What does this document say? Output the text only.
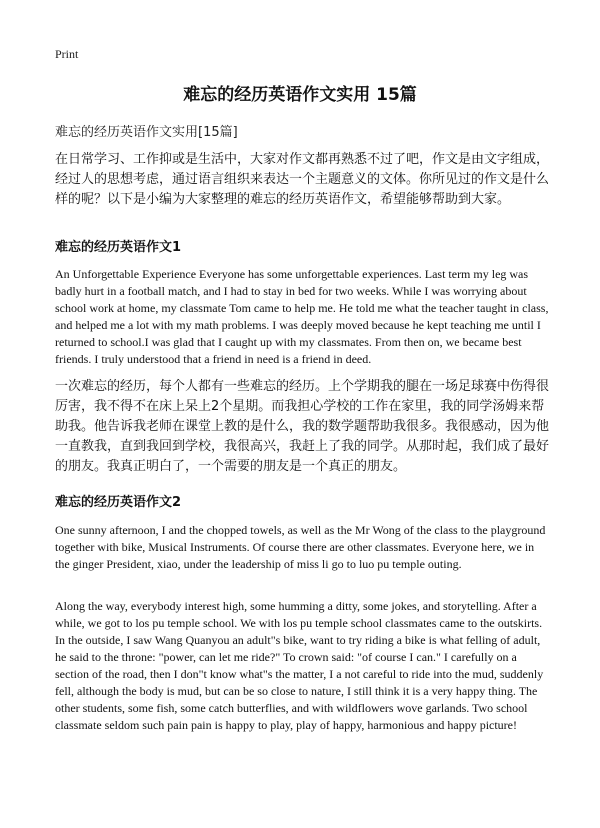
Print
难忘的经历英语作文实用 15篇
难忘的经历英语作文实用[15篇]

在日常学习、工作抑或是生活中，大家对作文都再熟悉不过了吧，作文是由文字组成，经过人的思想考虑，通过语言组织来表达一个主题意义的文体。你所见过的作文是什么样的呢？以下是小编为大家整理的难忘的经历英语作文，希望能够帮助到大家。

难忘的经历英语作文1

An Unforgettable Experience Everyone has some unforgettable experiences. Last term my leg was badly hurt in a football match, and I had to stay in bed for two weeks. While I was worrying about school work at home, my classmate Tom came to help me. He told me what the teacher taught in class, and helped me a lot with my math problems. I was deeply moved because he kept teaching me until I returned to school.I was glad that I caught up with my classmates. From then on, we became best friends. I truly understood that a friend in need is a friend in deed.

一次难忘的经历，每个人都有一些难忘的经历。上个学期我的腿在一场足球赛中伤得很厉害，我不得不在床上呆上2个星期。而我担心学校的工作在家里，我的同学汤姆来帮助我。他告诉我老师在课堂上教的是什么，我的数学题帮助我很多。我很感动，因为他一直教我，直到我回到学校，我很高兴，我赶上了我的同学。从那时起，我们成了最好的朋友。我真正明白了，一个需要的朋友是一个真正的朋友。

难忘的经历英语作文2

One sunny afternoon, I and the chopped towels, as well as the Mr Wong of the class to the playground together with bike, Musical Instruments. Of course there are other classmates. Everyone here, we in the ginger President, xiao, under the leadership of miss li go to luo pu temple outing.

Along the way, everybody interest high, some humming a ditty, some jokes, and storytelling. After a while, we got to los pu temple school. We with los pu temple school classmates came to the outskirts. In the outside, I saw Wang Quanyou an adult"s bike, want to try riding a bike is what felling of adult, he said to the throne: "power, can let me ride?" To crown said: "of course I can." I carefully on a section of the road, then I don"t know what"s the matter, I a not careful to ride into the mud, suddenly fell, although the body is mud, but can be so close to nature, I still think it is a very happy thing. The other students, some fish, some catch butterflies, and with wildflowers wove garlands. Two school classmate seldom such pain pain is happy to play, play of happy, harmonious and happy picture!
